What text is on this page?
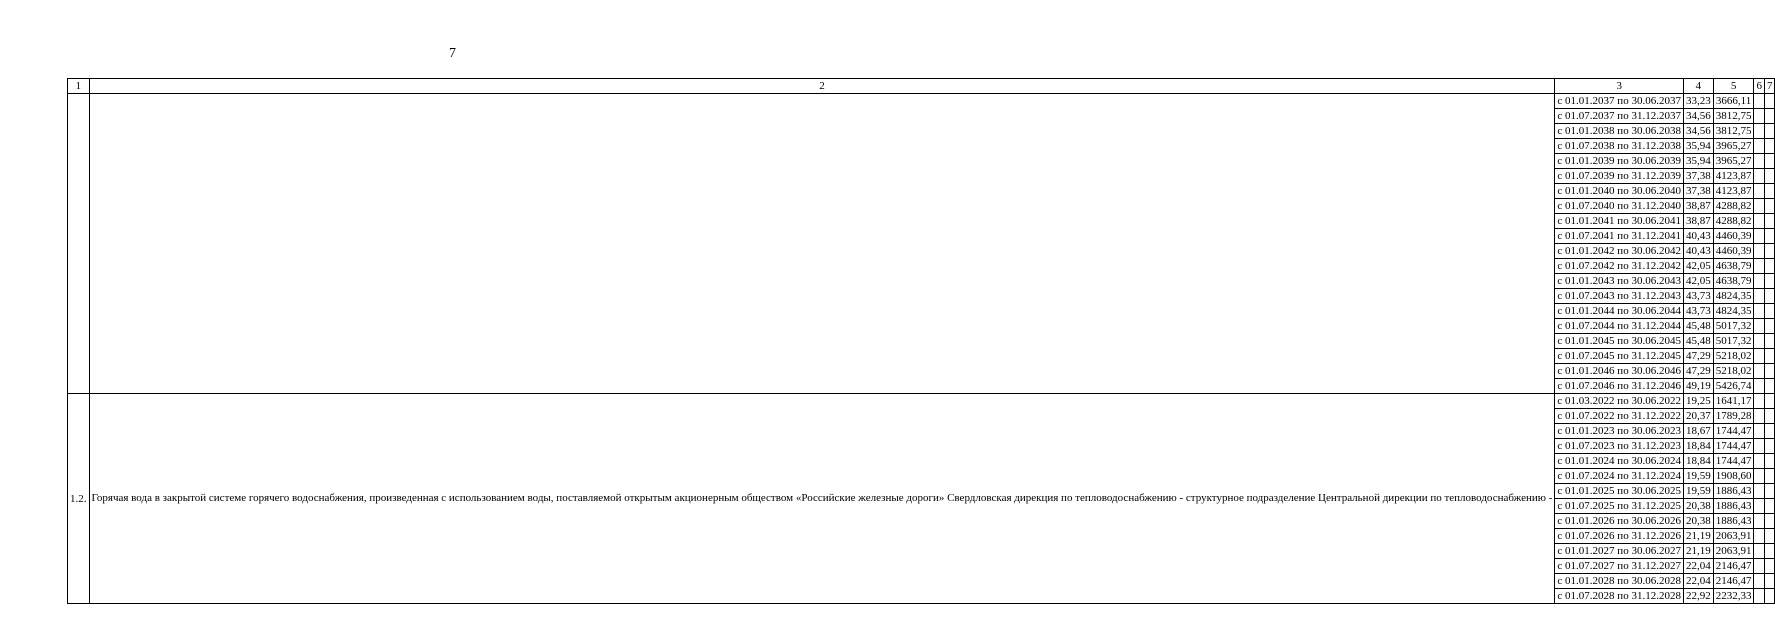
7
1	2	3	4	5	6	7
		с 01.01.2037 по 30.06.2037	33,23	3666,11		
		с 01.07.2037 по 31.12.2037	34,56	3812,75		
		с 01.01.2038 по 30.06.2038	34,56	3812,75		
		с 01.07.2038 по 31.12.2038	35,94	3965,27		
		с 01.01.2039 по 30.06.2039	35,94	3965,27		
		с 01.07.2039 по 31.12.2039	37,38	4123,87		
		с 01.01.2040 по 30.06.2040	37,38	4123,87		
		с 01.07.2040 по 31.12.2040	38,87	4288,82		
		с 01.01.2041 по 30.06.2041	38,87	4288,82		
		с 01.07.2041 по 31.12.2041	40,43	4460,39		
		с 01.01.2042 по 30.06.2042	40,43	4460,39		
		с 01.07.2042 по 31.12.2042	42,05	4638,79		
		с 01.01.2043 по 30.06.2043	42,05	4638,79		
		с 01.07.2043 по 31.12.2043	43,73	4824,35		
		с 01.01.2044 по 30.06.2044	43,73	4824,35		
		с 01.07.2044 по 31.12.2044	45,48	5017,32		
		с 01.01.2045 по 30.06.2045	45,48	5017,32		
		с 01.07.2045 по 31.12.2045	47,29	5218,02		
		с 01.01.2046 по 30.06.2046	47,29	5218,02		
		с 01.07.2046 по 31.12.2046	49,19	5426,74		
1.2.	Горячая вода в закрытой системе горячего водоснабжения, произведенная с использованием воды, поставляемой открытым акционерным обществом «Российские железные дороги» Свердловская дирекция по тепловодоснабжению - структурное подразделение Центральной дирекции по тепловодоснабжению -	с 01.03.2022 по 30.06.2022	19,25	1641,17		
		с 01.07.2022 по 31.12.2022	20,37	1789,28		
		с 01.01.2023 по 30.06.2023	18,67	1744,47		
		с 01.07.2023 по 31.12.2023	18,84	1744,47		
		с 01.01.2024 по 30.06.2024	18,84	1744,47		
		с 01.07.2024 по 31.12.2024	19,59	1908,60		
		с 01.01.2025 по 30.06.2025	19,59	1886,43		
		с 01.07.2025 по 31.12.2025	20,38	1886,43		
		с 01.01.2026 по 30.06.2026	20,38	1886,43		
		с 01.07.2026 по 31.12.2026	21,19	2063,91		
		с 01.01.2027 по 30.06.2027	21,19	2063,91		
		с 01.07.2027 по 31.12.2027	22,04	2146,47		
		с 01.01.2028 по 30.06.2028	22,04	2146,47		
		с 01.07.2028 по 31.12.2028	22,92	2232,33		
